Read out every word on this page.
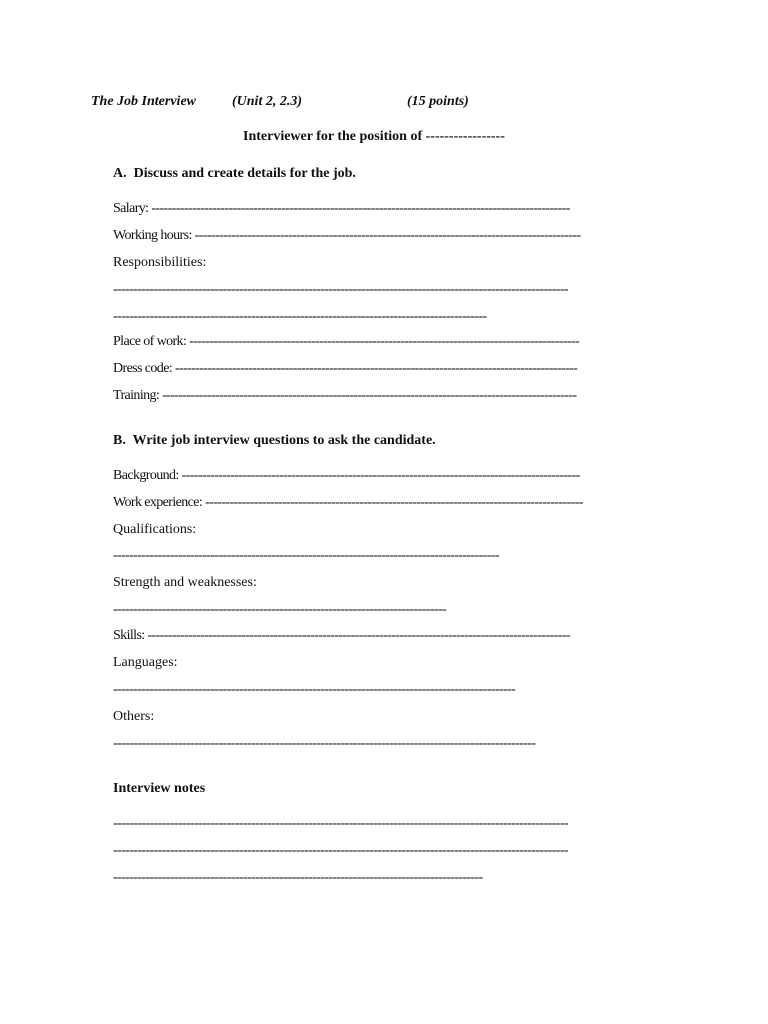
The Job Interview	(Unit 2, 2.3)	(15 points)
Interviewer for the position of -----------------
A.  Discuss and create details for the job.
Salary: -------------------------------------------------------------------------------------------------------
Working hours: -----------------------------------------------------------------------------------------------
Responsibilities:
----------------------------------------------------------------------------------------------------------------
--------------------------------------------------------------------------------------------
Place of work: ------------------------------------------------------------------------------------------------
Dress code: ---------------------------------------------------------------------------------------------------
Training: ------------------------------------------------------------------------------------------------------
B.  Write job interview questions to ask the candidate.
Background: --------------------------------------------------------------------------------------------------
Work experience: ---------------------------------------------------------------------------------------------
Qualifications:
-----------------------------------------------------------------------------------------------
Strength and weaknesses:
----------------------------------------------------------------------------------
Skills: --------------------------------------------------------------------------------------------------------
Languages:
---------------------------------------------------------------------------------------------------
Others:
--------------------------------------------------------------------------------------------------------
Interview notes
----------------------------------------------------------------------------------------------------------------
----------------------------------------------------------------------------------------------------------------
-------------------------------------------------------------------------------------------
